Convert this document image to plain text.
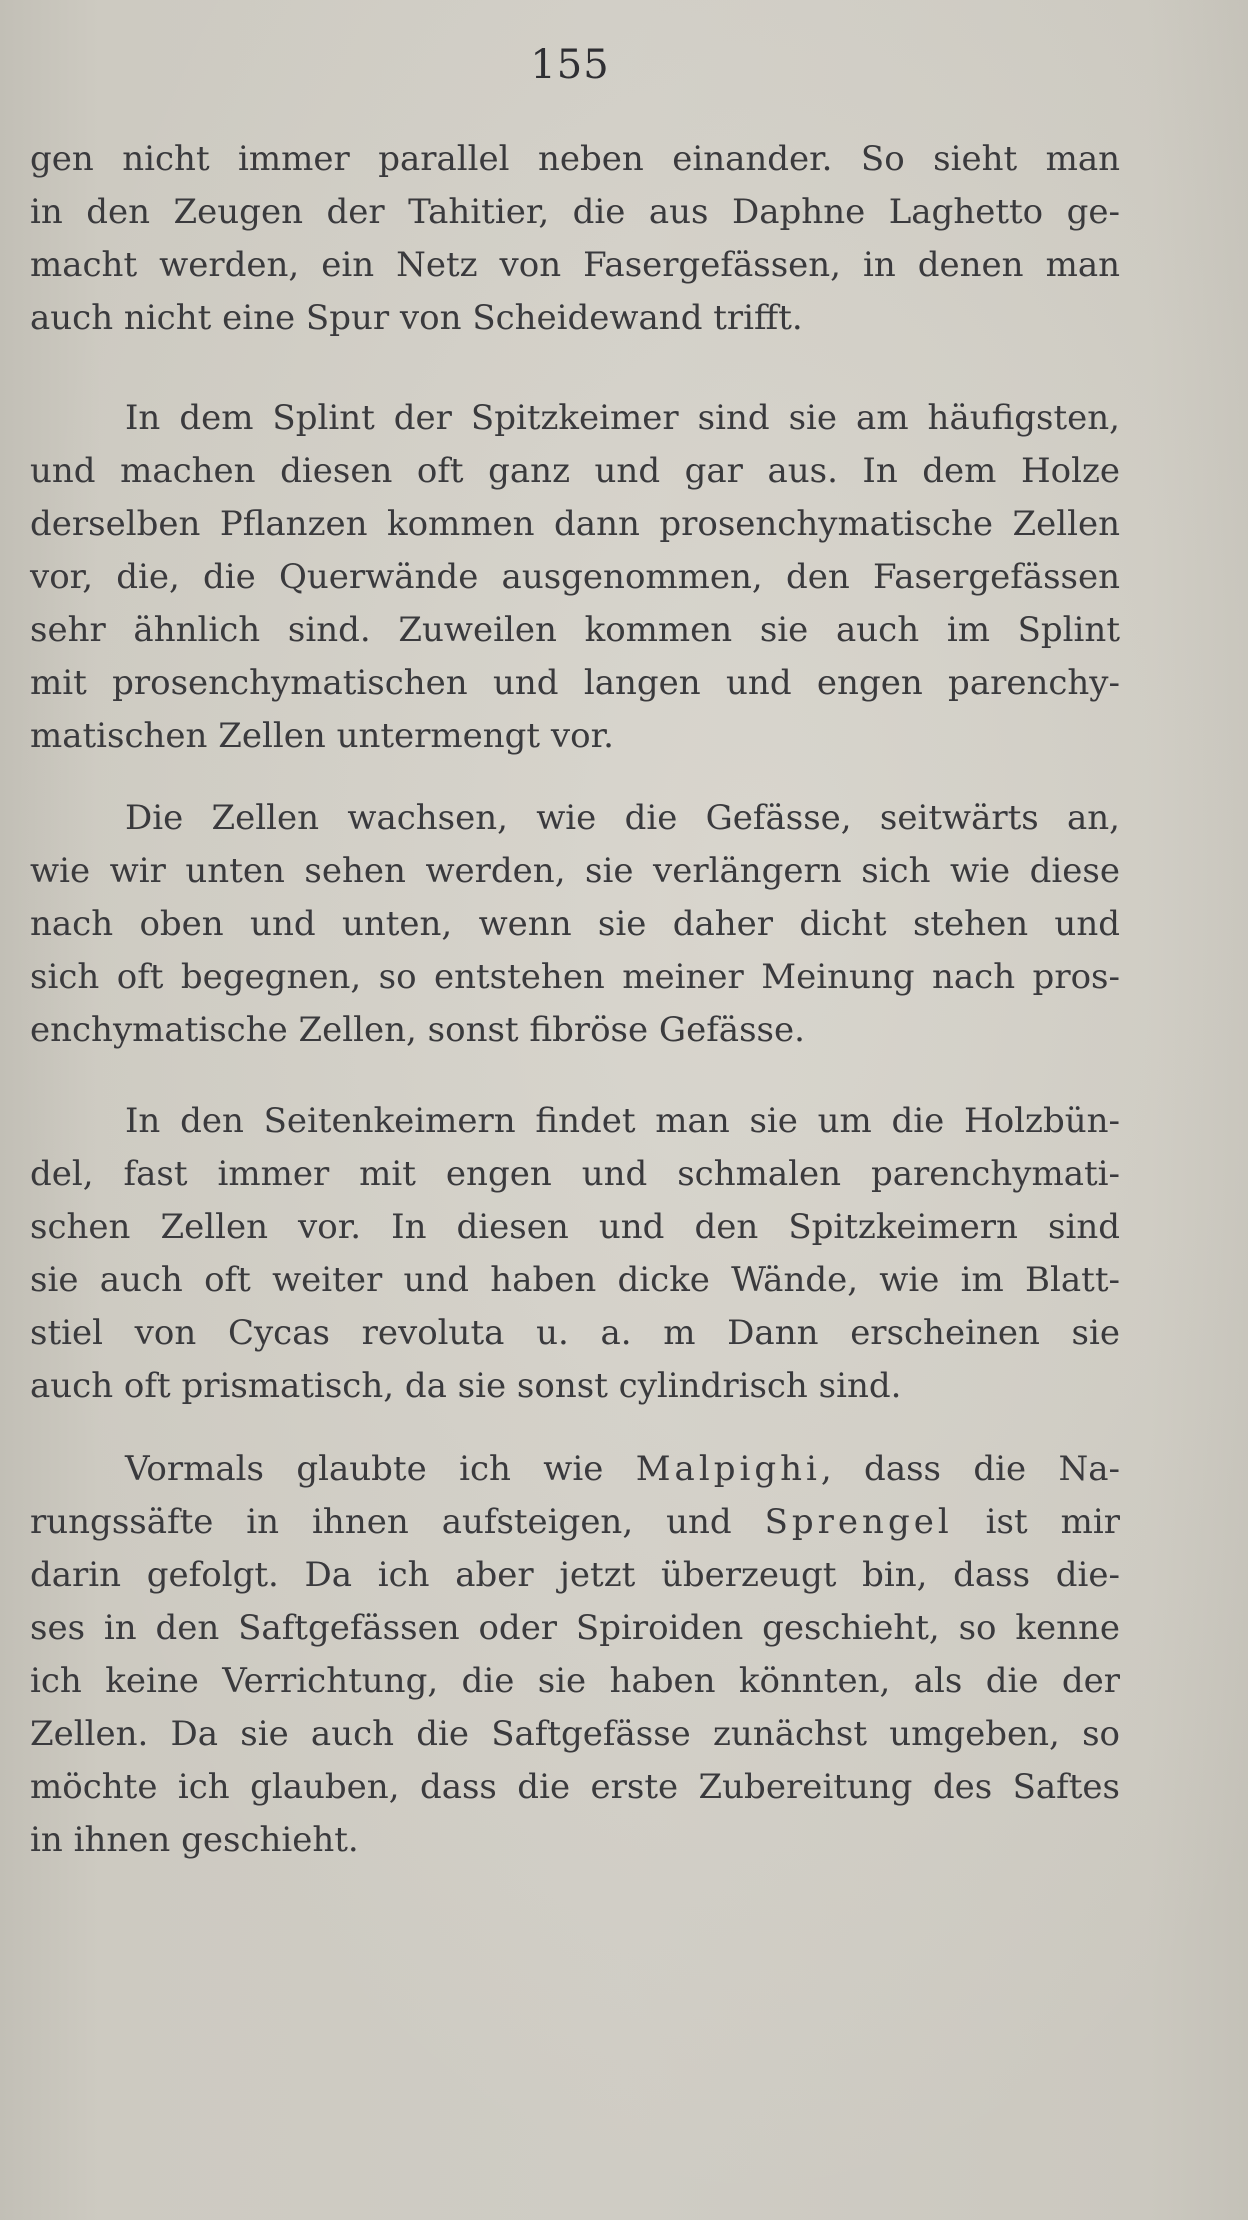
155
gen nicht immer parallel neben einander. So sieht man
in den Zeugen der Tahitier, die aus Daphne Laghetto ge-
macht werden, ein Netz von Fasergefässen, in denen man
auch nicht eine Spur von Scheidewand trifft.
In dem Splint der Spitzkeimer sind sie am häufigsten,
und machen diesen oft ganz und gar aus. In dem Holze
derselben Pflanzen kommen dann prosenchymatische Zellen
vor, die, die Querwände ausgenommen, den Fasergefässen
sehr ähnlich sind. Zuweilen kommen sie auch im Splint
mit prosenchymatischen und langen und engen parenchy-
matischen Zellen untermengt vor.
Die Zellen wachsen, wie die Gefässe, seitwärts an,
wie wir unten sehen werden, sie verlängern sich wie diese
nach oben und unten, wenn sie daher dicht stehen und
sich oft begegnen, so entstehen meiner Meinung nach pros-
enchymatische Zellen, sonst fibröse Gefässe.
In den Seitenkeimern findet man sie um die Holzbün-
del, fast immer mit engen und schmalen parenchymati-
schen Zellen vor. In diesen und den Spitzkeimern sind
sie auch oft weiter und haben dicke Wände, wie im Blatt-
stiel von Cycas revoluta u. a. m Dann erscheinen sie
auch oft prismatisch, da sie sonst cylindrisch sind.
Vormals glaubte ich wie Malpighi, dass die Na-
rungssäfte in ihnen aufsteigen, und Sprengel ist mir
darin gefolgt. Da ich aber jetzt überzeugt bin, dass die-
ses in den Saftgefässen oder Spiroiden geschieht, so kenne
ich keine Verrichtung, die sie haben könnten, als die der
Zellen. Da sie auch die Saftgefässe zunächst umgeben, so
möchte ich glauben, dass die erste Zubereitung des Saftes
in ihnen geschieht.
